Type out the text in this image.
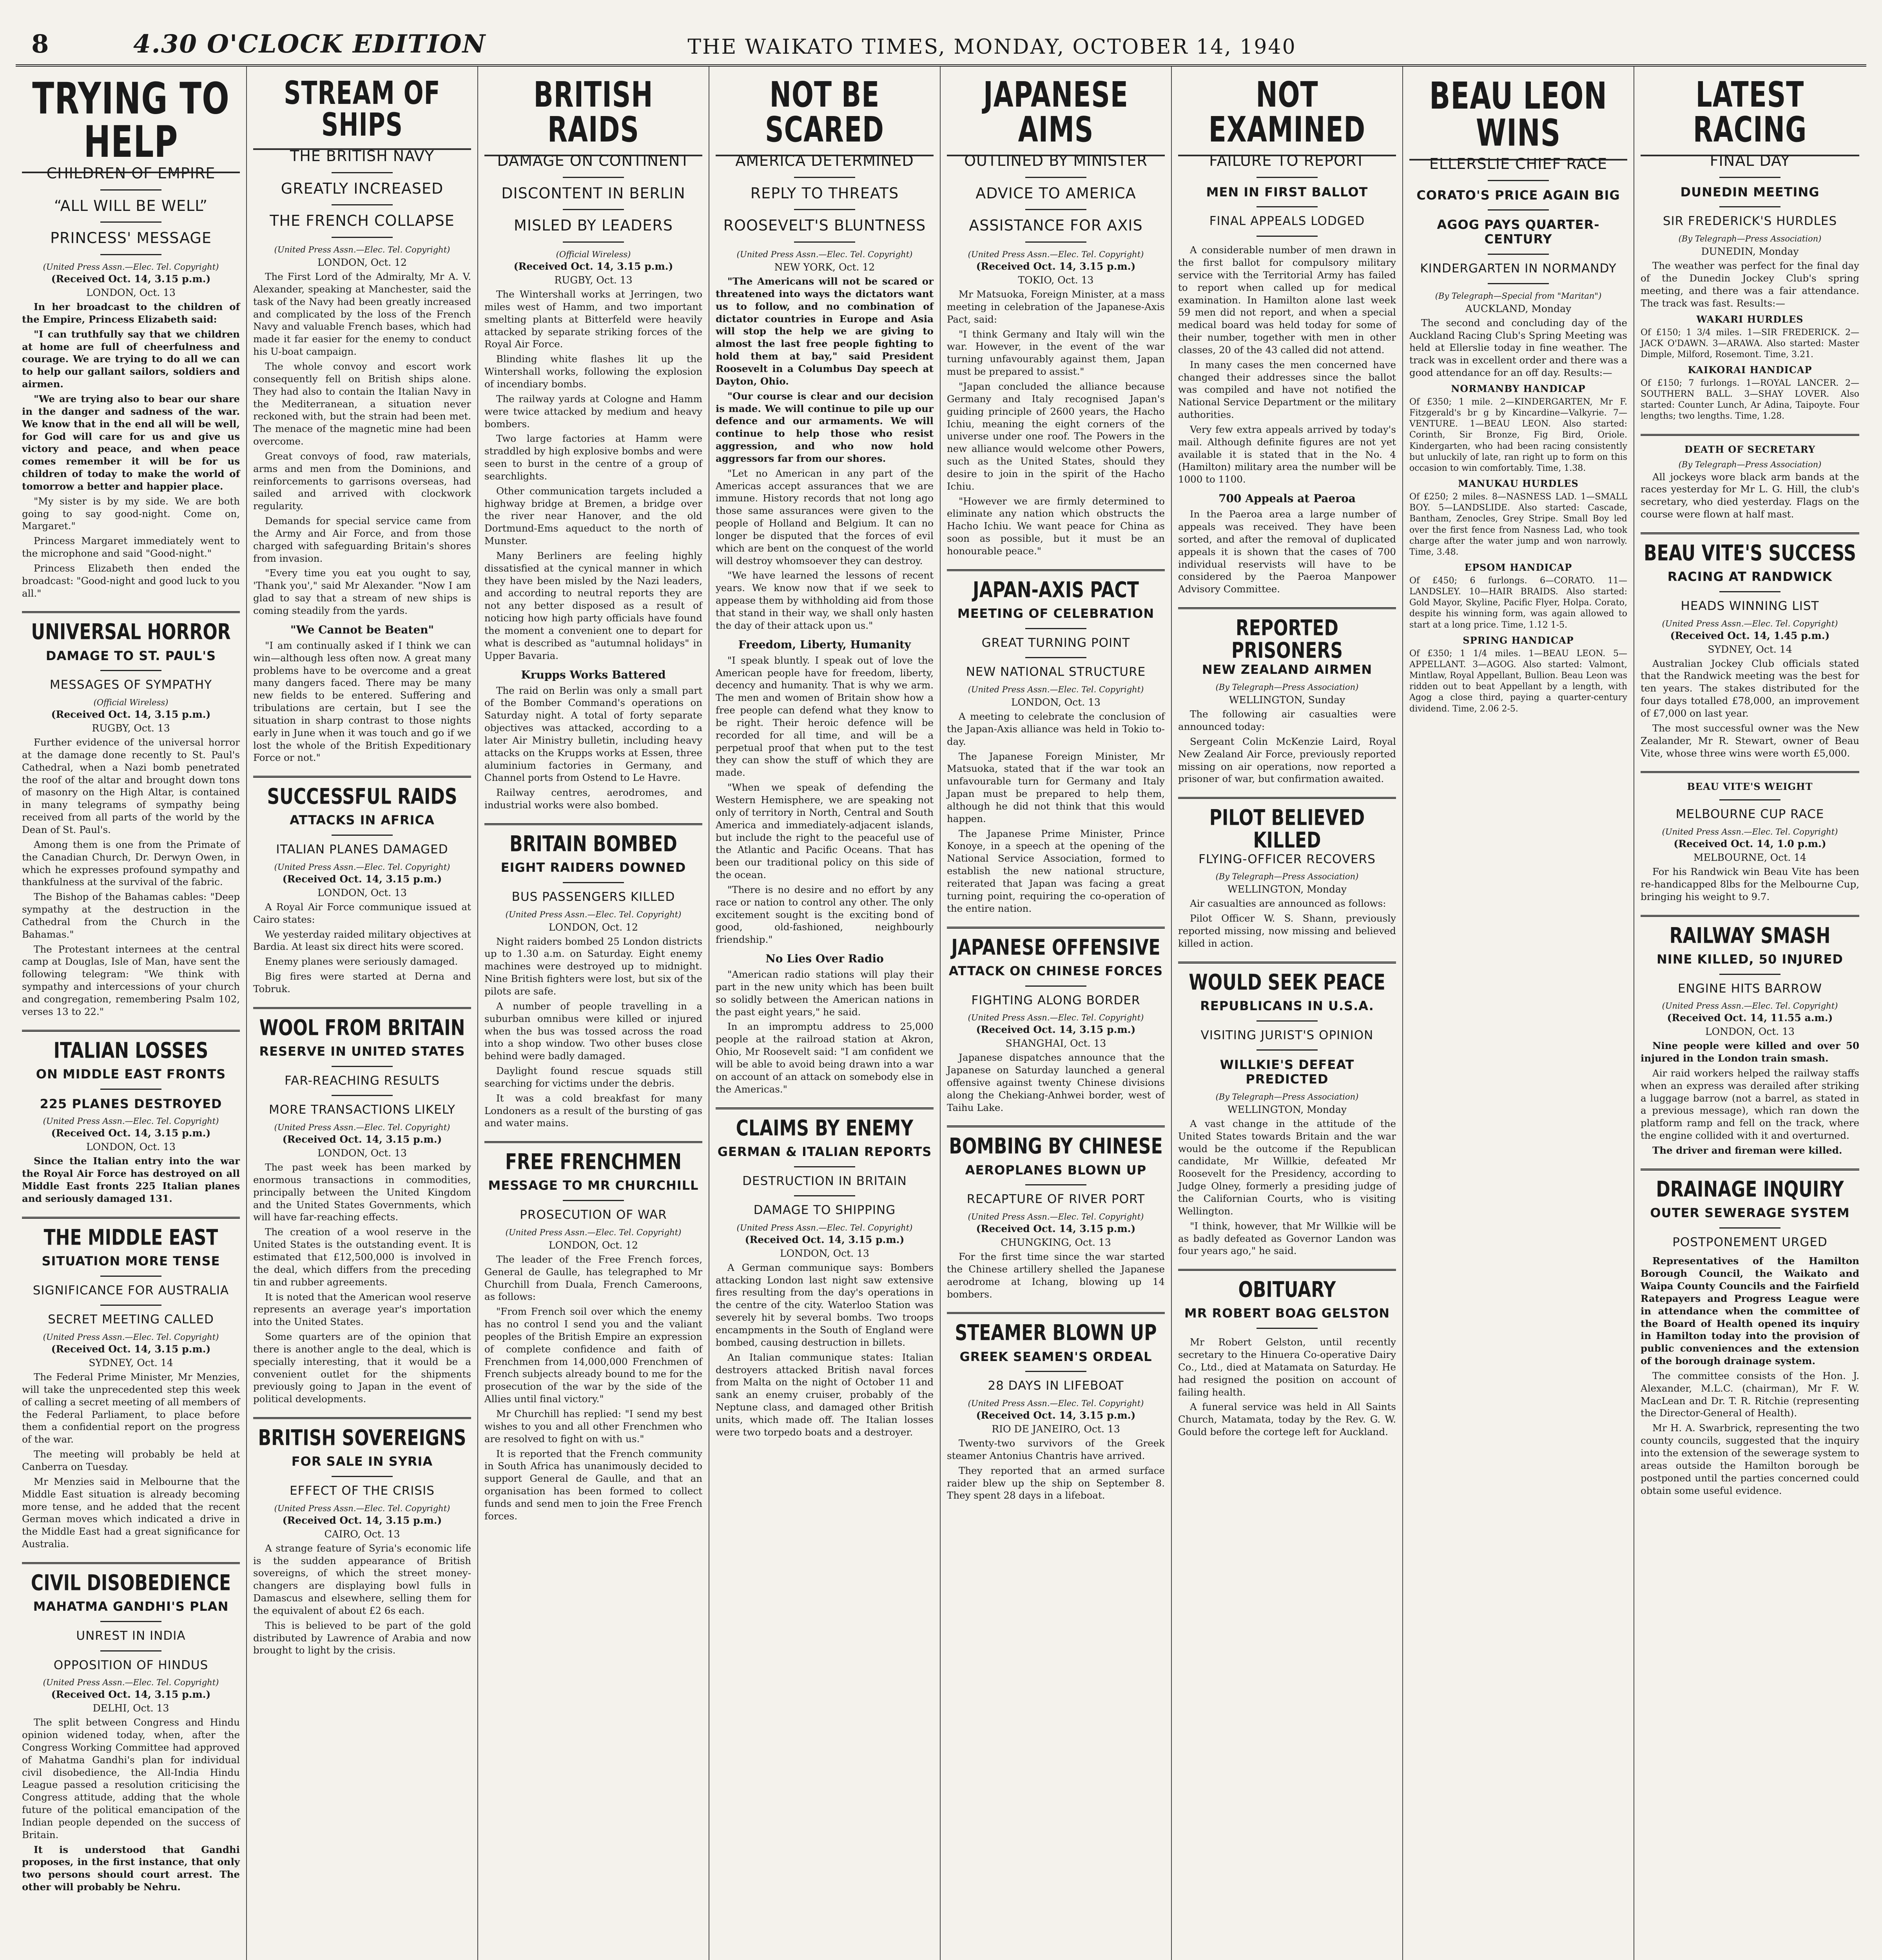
8	4.30 O'CLOCK EDITION	THE WAIKATO TIMES, MONDAY, OCTOBER 14, 1940
TRYING TO HELP
CHILDREN OF EMPIRE
“ALL WILL BE WELL”
PRINCESS' MESSAGE
(United Press Assn.—Elec. Tel. Copyright)
(Received Oct. 14, 3.15 p.m.)
LONDON, Oct. 13

In her broadcast to the children of the Empire, Princess Elizabeth said:

"I can truthfully say that we children at home are full of cheerfulness and courage. We are trying to do all we can to help our gallant sailors, soldiers and airmen.

"We are trying also to bear our share in the danger and sadness of the war. We know that in the end all will be well, for God will care for us and give us victory and peace, and when peace comes remember it will be for us children of today to make the world of tomorrow a better and happier place.

"My sister is by my side. We are both going to say good-night. Come on, Margaret."

Princess Margaret immediately went to the microphone and said "Good-night."

Princess Elizabeth then ended the broadcast: "Good-night and good luck to you all."

UNIVERSAL HORROR
DAMAGE TO ST. PAUL'S
MESSAGES OF SYMPATHY
(Official Wireless)
(Received Oct. 14, 3.15 p.m.)
RUGBY, Oct. 13

Further evidence of the universal horror at the damage done recently to St. Paul's Cathedral, when a Nazi bomb penetrated the roof of the altar and brought down tons of masonry on the High Altar, is contained in many telegrams of sympathy being received from all parts of the world by the Dean of St. Paul's.

Among them is one from the Primate of the Canadian Church, Dr. Derwyn Owen, in which he expresses profound sympathy and thankfulness at the survival of the fabric.

The Bishop of the Bahamas cables: "Deep sympathy at the destruction in the Cathedral from the Church in the Bahamas."

The Protestant internees at the central camp at Douglas, Isle of Man, have sent the following telegram: "We think with sympathy and intercessions of your church and congregation, remembering Psalm 102, verses 13 to 22."

ITALIAN LOSSES
ON MIDDLE EAST FRONTS
225 PLANES DESTROYED
(United Press Assn.—Elec. Tel. Copyright)
(Received Oct. 14, 3.15 p.m.)
LONDON, Oct. 13

Since the Italian entry into the war the Royal Air Force has destroyed on all Middle East fronts 225 Italian planes and seriously damaged 131.

THE MIDDLE EAST
SITUATION MORE TENSE
SIGNIFICANCE FOR AUSTRALIA
SECRET MEETING CALLED
(United Press Assn.—Elec. Tel. Copyright)
(Received Oct. 14, 3.15 p.m.)
SYDNEY, Oct. 14

The Federal Prime Minister, Mr Menzies, will take the unprecedented step this week of calling a secret meeting of all members of the Federal Parliament, to place before them a confidential report on the progress of the war.

The meeting will probably be held at Canberra on Tuesday.

Mr Menzies said in Melbourne that the Middle East situation is already becoming more tense, and he added that the recent German moves which indicated a drive in the Middle East had a great significance for Australia.

CIVIL DISOBEDIENCE
MAHATMA GANDHI'S PLAN
UNREST IN INDIA
OPPOSITION OF HINDUS
(United Press Assn.—Elec. Tel. Copyright)
(Received Oct. 14, 3.15 p.m.)
DELHI, Oct. 13

The split between Congress and Hindu opinion widened today, when, after the Congress Working Committee had approved of Mahatma Gandhi's plan for individual civil disobedience, the All-India Hindu League passed a resolution criticising the Congress attitude, adding that the whole future of the political emancipation of the Indian people depended on the success of Britain.

It is understood that Gandhi proposes, in the first instance, that only two persons should court arrest. The other will probably be Nehru.

STREAM OF SHIPS
THE BRITISH NAVY
GREATLY INCREASED
THE FRENCH COLLAPSE
(United Press Assn.—Elec. Tel. Copyright)
LONDON, Oct. 12

The First Lord of the Admiralty, Mr A. V. Alexander, speaking at Manchester, said the task of the Navy had been greatly increased and complicated by the loss of the French Navy and valuable French bases, which had made it far easier for the enemy to conduct his U-boat campaign.

The whole convoy and escort work consequently fell on British ships alone. They had also to contain the Italian Navy in the Mediterranean, a situation never reckoned with, but the strain had been met. The menace of the magnetic mine had been overcome.

Great convoys of food, raw materials, arms and men from the Dominions, and reinforcements to garrisons overseas, had sailed and arrived with clockwork regularity.

Demands for special service came from the Army and Air Force, and from those charged with safeguarding Britain's shores from invasion.

"Every time you eat you ought to say, 'Thank you'," said Mr Alexander. "Now I am glad to say that a stream of new ships is coming steadily from the yards.

"We Cannot be Beaten"

"I am continually asked if I think we can win—although less often now. A great many problems have to be overcome and a great many dangers faced. There may be many new fields to be entered. Suffering and tribulations are certain, but I see the situation in sharp contrast to those nights early in June when it was touch and go if we lost the whole of the British Expeditionary Force or not."

SUCCESSFUL RAIDS
ATTACKS IN AFRICA
ITALIAN PLANES DAMAGED
(United Press Assn.—Elec. Tel. Copyright)
(Received Oct. 14, 3.15 p.m.)
LONDON, Oct. 13

A Royal Air Force communique issued at Cairo states:

We yesterday raided military objectives at Bardia. At least six direct hits were scored.

Enemy planes were seriously damaged.

Big fires were started at Derna and Tobruk.

WOOL FROM BRITAIN
RESERVE IN UNITED STATES
FAR-REACHING RESULTS
MORE TRANSACTIONS LIKELY
(United Press Assn.—Elec. Tel. Copyright)
(Received Oct. 14, 3.15 p.m.)
LONDON, Oct. 13

The past week has been marked by enormous transactions in commodities, principally between the United Kingdom and the United States Governments, which will have far-reaching effects.

The creation of a wool reserve in the United States is the outstanding event. It is estimated that £12,500,000 is involved in the deal, which differs from the preceding tin and rubber agreements.

It is noted that the American wool reserve represents an average year's importation into the United States.

Some quarters are of the opinion that there is another angle to the deal, which is specially interesting, that it would be a convenient outlet for the shipments previously going to Japan in the event of political developments.

BRITISH SOVEREIGNS
FOR SALE IN SYRIA
EFFECT OF THE CRISIS
(United Press Assn.—Elec. Tel. Copyright)
(Received Oct. 14, 3.15 p.m.)
CAIRO, Oct. 13

A strange feature of Syria's economic life is the sudden appearance of British sovereigns, of which the street money-changers are displaying bowl fulls in Damascus and elsewhere, selling them for the equivalent of about £2 6s each.

This is believed to be part of the gold distributed by Lawrence of Arabia and now brought to light by the crisis.

BRITISH RAIDS
DAMAGE ON CONTINENT
DISCONTENT IN BERLIN
MISLED BY LEADERS
(Official Wireless)
(Received Oct. 14, 3.15 p.m.)
RUGBY, Oct. 13

The Wintershall works at Jerringen, two miles west of Hamm, and two important smelting plants at Bitterfeld were heavily attacked by separate striking forces of the Royal Air Force.

Blinding white flashes lit up the Wintershall works, following the explosion of incendiary bombs.

The railway yards at Cologne and Hamm were twice attacked by medium and heavy bombers.

Two large factories at Hamm were straddled by high explosive bombs and were seen to burst in the centre of a group of searchlights.

Other communication targets included a highway bridge at Bremen, a bridge over the river near Hanover, and the old Dortmund-Ems aqueduct to the north of Munster.

Many Berliners are feeling highly dissatisfied at the cynical manner in which they have been misled by the Nazi leaders, and according to neutral reports they are not any better disposed as a result of noticing how high party officials have found the moment a convenient one to depart for what is described as "autumnal holidays" in Upper Bavaria.

Krupps Works Battered

The raid on Berlin was only a small part of the Bomber Command's operations on Saturday night. A total of forty separate objectives was attacked, according to a later Air Ministry bulletin, including heavy attacks on the Krupps works at Essen, three aluminium factories in Germany, and Channel ports from Ostend to Le Havre.

Railway centres, aerodromes, and industrial works were also bombed.

BRITAIN BOMBED
EIGHT RAIDERS DOWNED
BUS PASSENGERS KILLED
(United Press Assn.—Elec. Tel. Copyright)
LONDON, Oct. 12

Night raiders bombed 25 London districts up to 1.30 a.m. on Saturday. Eight enemy machines were destroyed up to midnight. Nine British fighters were lost, but six of the pilots are safe.

A number of people travelling in a suburban omnibus were killed or injured when the bus was tossed across the road into a shop window. Two other buses close behind were badly damaged.

Daylight found rescue squads still searching for victims under the debris.

It was a cold breakfast for many Londoners as a result of the bursting of gas and water mains.

FREE FRENCHMEN
MESSAGE TO MR CHURCHILL
PROSECUTION OF WAR
(United Press Assn.—Elec. Tel. Copyright)
LONDON, Oct. 12

The leader of the Free French forces, General de Gaulle, has telegraphed to Mr Churchill from Duala, French Cameroons, as follows:

"From French soil over which the enemy has no control I send you and the valiant peoples of the British Empire an expression of complete confidence and faith of Frenchmen from 14,000,000 Frenchmen of French subjects already bound to me for the prosecution of the war by the side of the Allies until final victory."

Mr Churchill has replied: "I send my best wishes to you and all other Frenchmen who are resolved to fight on with us."

It is reported that the French community in South Africa has unanimously decided to support General de Gaulle, and that an organisation has been formed to collect funds and send men to join the Free French forces.

NOT BE SCARED
AMERICA DETERMINED
REPLY TO THREATS
ROOSEVELT'S BLUNTNESS
(United Press Assn.—Elec. Tel. Copyright)
NEW YORK, Oct. 12

"The Americans will not be scared or threatened into ways the dictators want us to follow, and no combination of dictator countries in Europe and Asia will stop the help we are giving to almost the last free people fighting to hold them at bay," said President Roosevelt in a Columbus Day speech at Dayton, Ohio.

"Our course is clear and our decision is made. We will continue to pile up our defence and our armaments. We will continue to help those who resist aggression, and who now hold aggressors far from our shores.

"Let no American in any part of the Americas accept assurances that we are immune. History records that not long ago those same assurances were given to the people of Holland and Belgium. It can no longer be disputed that the forces of evil which are bent on the conquest of the world will destroy whomsoever they can destroy.

"We have learned the lessons of recent years. We know now that if we seek to appease them by withholding aid from those that stand in their way, we shall only hasten the day of their attack upon us."

Freedom, Liberty, Humanity

"I speak bluntly. I speak out of love the American people have for freedom, liberty, decency and humanity. That is why we arm. The men and women of Britain show how a free people can defend what they know to be right. Their heroic defence will be recorded for all time, and will be a perpetual proof that when put to the test they can show the stuff of which they are made.

"When we speak of defending the Western Hemisphere, we are speaking not only of territory in North, Central and South America and immediately-adjacent islands, but include the right to the peaceful use of the Atlantic and Pacific Oceans. That has been our traditional policy on this side of the ocean.

"There is no desire and no effort by any race or nation to control any other. The only excitement sought is the exciting bond of good, old-fashioned, neighbourly friendship."

No Lies Over Radio

"American radio stations will play their part in the new unity which has been built so solidly between the American nations in the past eight years," he said.

In an impromptu address to 25,000 people at the railroad station at Akron, Ohio, Mr Roosevelt said: "I am confident we will be able to avoid being drawn into a war on account of an attack on somebody else in the Americas."

CLAIMS BY ENEMY
GERMAN & ITALIAN REPORTS
DESTRUCTION IN BRITAIN
DAMAGE TO SHIPPING
(United Press Assn.—Elec. Tel. Copyright)
(Received Oct. 14, 3.15 p.m.)
LONDON, Oct. 13

A German communique says: Bombers attacking London last night saw extensive fires resulting from the day's operations in the centre of the city. Waterloo Station was severely hit by several bombs. Two troops encampments in the South of England were bombed, causing destruction in billets.

An Italian communique states: Italian destroyers attacked British naval forces from Malta on the night of October 11 and sank an enemy cruiser, probably of the Neptune class, and damaged other British units, which made off. The Italian losses were two torpedo boats and a destroyer.

JAPANESE AIMS
OUTLINED BY MINISTER
ADVICE TO AMERICA
ASSISTANCE FOR AXIS
(United Press Assn.—Elec. Tel. Copyright)
(Received Oct. 14, 3.15 p.m.)
TOKIO, Oct. 13

Mr Matsuoka, Foreign Minister, at a mass meeting in celebration of the Japanese-Axis Pact, said:

"I think Germany and Italy will win the war. However, in the event of the war turning unfavourably against them, Japan must be prepared to assist."

"Japan concluded the alliance because Germany and Italy recognised Japan's guiding principle of 2600 years, the Hacho Ichiu, meaning the eight corners of the universe under one roof. The Powers in the new alliance would welcome other Powers, such as the United States, should they desire to join in the spirit of the Hacho Ichiu.

"However we are firmly determined to eliminate any nation which obstructs the Hacho Ichiu. We want peace for China as soon as possible, but it must be an honourable peace."

JAPAN-AXIS PACT
MEETING OF CELEBRATION
GREAT TURNING POINT
NEW NATIONAL STRUCTURE
(United Press Assn.—Elec. Tel. Copyright)
LONDON, Oct. 13

A meeting to celebrate the conclusion of the Japan-Axis alliance was held in Tokio to-day.

The Japanese Foreign Minister, Mr Matsuoka, stated that if the war took an unfavourable turn for Germany and Italy Japan must be prepared to help them, although he did not think that this would happen.

The Japanese Prime Minister, Prince Konoye, in a speech at the opening of the National Service Association, formed to establish the new national structure, reiterated that Japan was facing a great turning point, requiring the co-operation of the entire nation.

JAPANESE OFFENSIVE
ATTACK ON CHINESE FORCES
FIGHTING ALONG BORDER
(United Press Assn.—Elec. Tel. Copyright)
(Received Oct. 14, 3.15 p.m.)
SHANGHAI, Oct. 13

Japanese dispatches announce that the Japanese on Saturday launched a general offensive against twenty Chinese divisions along the Chekiang-Anhwei border, west of Taihu Lake.

BOMBING BY CHINESE
AEROPLANES BLOWN UP
RECAPTURE OF RIVER PORT
(United Press Assn.—Elec. Tel. Copyright)
(Received Oct. 14, 3.15 p.m.)
CHUNGKING, Oct. 13

For the first time since the war started the Chinese artillery shelled the Japanese aerodrome at Ichang, blowing up 14 bombers.

STEAMER BLOWN UP
GREEK SEAMEN'S ORDEAL
28 DAYS IN LIFEBOAT
(United Press Assn.—Elec. Tel. Copyright)
(Received Oct. 14, 3.15 p.m.)
RIO DE JANEIRO, Oct. 13

Twenty-two survivors of the Greek steamer Antonius Chantris have arrived.

They reported that an armed surface raider blew up the ship on September 8. They spent 28 days in a lifeboat.

NOT EXAMINED
FAILURE TO REPORT
MEN IN FIRST BALLOT
FINAL APPEALS LODGED

A considerable number of men drawn in the first ballot for compulsory military service with the Territorial Army has failed to report when called up for medical examination. In Hamilton alone last week 59 men did not report, and when a special medical board was held today for some of their number, together with men in other classes, 20 of the 43 called did not attend.

In many cases the men concerned have changed their addresses since the ballot was compiled and have not notified the National Service Department or the military authorities.

Very few extra appeals arrived by today's mail. Although definite figures are not yet available it is stated that in the No. 4 (Hamilton) military area the number will be 1000 to 1100.

700 Appeals at Paeroa

In the Paeroa area a large number of appeals was received. They have been sorted, and after the removal of duplicated appeals it is shown that the cases of 700 individual reservists will have to be considered by the Paeroa Manpower Advisory Committee.

REPORTED PRISONERS
NEW ZEALAND AIRMEN
(By Telegraph—Press Association)
WELLINGTON, Sunday

The following air casualties were announced today:

Sergeant Colin McKenzie Laird, Royal New Zealand Air Force, previously reported missing on air operations, now reported a prisoner of war, but confirmation awaited.

PILOT BELIEVED KILLED
FLYING-OFFICER RECOVERS
(By Telegraph—Press Association)
WELLINGTON, Monday

Air casualties are announced as follows:

Pilot Officer W. S. Shann, previously reported missing, now missing and believed killed in action.

WOULD SEEK PEACE
REPUBLICANS IN U.S.A.
VISITING JURIST'S OPINION
WILLKIE'S DEFEAT PREDICTED
(By Telegraph—Press Association)
WELLINGTON, Monday

A vast change in the attitude of the United States towards Britain and the war would be the outcome if the Republican candidate, Mr Willkie, defeated Mr Roosevelt for the Presidency, according to Judge Olney, formerly a presiding judge of the Californian Courts, who is visiting Wellington.

"I think, however, that Mr Willkie will be as badly defeated as Governor Landon was four years ago," he said.

OBITUARY
MR ROBERT BOAG GELSTON

Mr Robert Gelston, until recently secretary to the Hinuera Co-operative Dairy Co., Ltd., died at Matamata on Saturday. He had resigned the position on account of failing health.

A funeral service was held in All Saints Church, Matamata, today by the Rev. G. W. Gould before the cortege left for Auckland.

BEAU LEON WINS
ELLERSLIE CHIEF RACE
CORATO'S PRICE AGAIN BIG
AGOG PAYS QUARTER-CENTURY
KINDERGARTEN IN NORMANDY
(By Telegraph—Special from "Maritan")
AUCKLAND, Monday

The second and concluding day of the Auckland Racing Club's Spring Meeting was held at Ellerslie today in fine weather. The track was in excellent order and there was a good attendance for an off day. Results:—

NORMANBY HANDICAP

Of £350; 1 mile. 2—KINDERGARTEN, Mr F. Fitzgerald's br g by Kincardine—Valkyrie. 7—VENTURE. 1—BEAU LEON. Also started: Corinth, Sir Bronze, Fig Bird, Oriole. Kindergarten, who had been racing consistently but unluckily of late, ran right up to form on this occasion to win comfortably. Time, 1.38.

MANUKAU HURDLES

Of £250; 2 miles. 8—NASNESS LAD. 1—SMALL BOY. 5—LANDSLIDE. Also started: Cascade, Bantham, Zenocles, Grey Stripe. Small Boy led over the first fence from Nasness Lad, who took charge after the water jump and won narrowly. Time, 3.48.

EPSOM HANDICAP

Of £450; 6 furlongs. 6—CORATO. 11—LANDSLEY. 10—HAIR BRAIDS. Also started: Gold Mayor, Skyline, Pacific Flyer, Holpa. Corato, despite his winning form, was again allowed to start at a long price. Time, 1.12 1-5.

SPRING HANDICAP

Of £350; 1 1/4 miles. 1—BEAU LEON. 5—APPELLANT. 3—AGOG. Also started: Valmont, Mintlaw, Royal Appellant, Bullion. Beau Leon was ridden out to beat Appellant by a length, with Agog a close third, paying a quarter-century dividend. Time, 2.06 2-5.

LATEST RACING
FINAL DAY
DUNEDIN MEETING
SIR FREDERICK'S HURDLES
(By Telegraph—Press Association)
DUNEDIN, Monday

The weather was perfect for the final day of the Dunedin Jockey Club's spring meeting, and there was a fair attendance. The track was fast. Results:—

WAKARI HURDLES

Of £150; 1 3/4 miles. 1—SIR FREDERICK. 2—JACK O'DAWN. 3—ARAWA. Also started: Master Dimple, Milford, Rosemont. Time, 3.21.

KAIKORAI HANDICAP

Of £150; 7 furlongs. 1—ROYAL LANCER. 2—SOUTHERN BALL. 3—SHAY LOVER. Also started: Counter Lunch, Ar Adina, Taipoyte. Four lengths; two lengths. Time, 1.28.

DEATH OF SECRETARY
(By Telegraph—Press Association)

All jockeys wore black arm bands at the races yesterday for Mr L. G. Hill, the club's secretary, who died yesterday. Flags on the course were flown at half mast.

BEAU VITE'S SUCCESS
RACING AT RANDWICK
HEADS WINNING LIST
(United Press Assn.—Elec. Tel. Copyright)
(Received Oct. 14, 1.45 p.m.)
SYDNEY, Oct. 14

Australian Jockey Club officials stated that the Randwick meeting was the best for ten years. The stakes distributed for the four days totalled £78,000, an improvement of £7,000 on last year.

The most successful owner was the New Zealander, Mr R. Stewart, owner of Beau Vite, whose three wins were worth £5,000.

BEAU VITE'S WEIGHT
MELBOURNE CUP RACE
(United Press Assn.—Elec. Tel. Copyright)
(Received Oct. 14, 1.0 p.m.)
MELBOURNE, Oct. 14

For his Randwick win Beau Vite has been re-handicapped 8lbs for the Melbourne Cup, bringing his weight to 9.7.

RAILWAY SMASH
NINE KILLED, 50 INJURED
ENGINE HITS BARROW
(United Press Assn.—Elec. Tel. Copyright)
(Received Oct. 14, 11.55 a.m.)
LONDON, Oct. 13

Nine people were killed and over 50 injured in the London train smash.

Air raid workers helped the railway staffs when an express was derailed after striking a luggage barrow (not a barrel, as stated in a previous message), which ran down the platform ramp and fell on the track, where the engine collided with it and overturned.

The driver and fireman were killed.

DRAINAGE INQUIRY
OUTER SEWERAGE SYSTEM
POSTPONEMENT URGED

Representatives of the Hamilton Borough Council, the Waikato and Waipa County Councils and the Fairfield Ratepayers and Progress League were in attendance when the committee of the Board of Health opened its inquiry in Hamilton today into the provision of public conveniences and the extension of the borough drainage system.

The committee consists of the Hon. J. Alexander, M.L.C. (chairman), Mr F. W. MacLean and Dr. T. R. Ritchie (representing the Director-General of Health).

Mr H. A. Swarbrick, representing the two county councils, suggested that the inquiry into the extension of the sewerage system to areas outside the Hamilton borough be postponed until the parties concerned could obtain some useful evidence.
